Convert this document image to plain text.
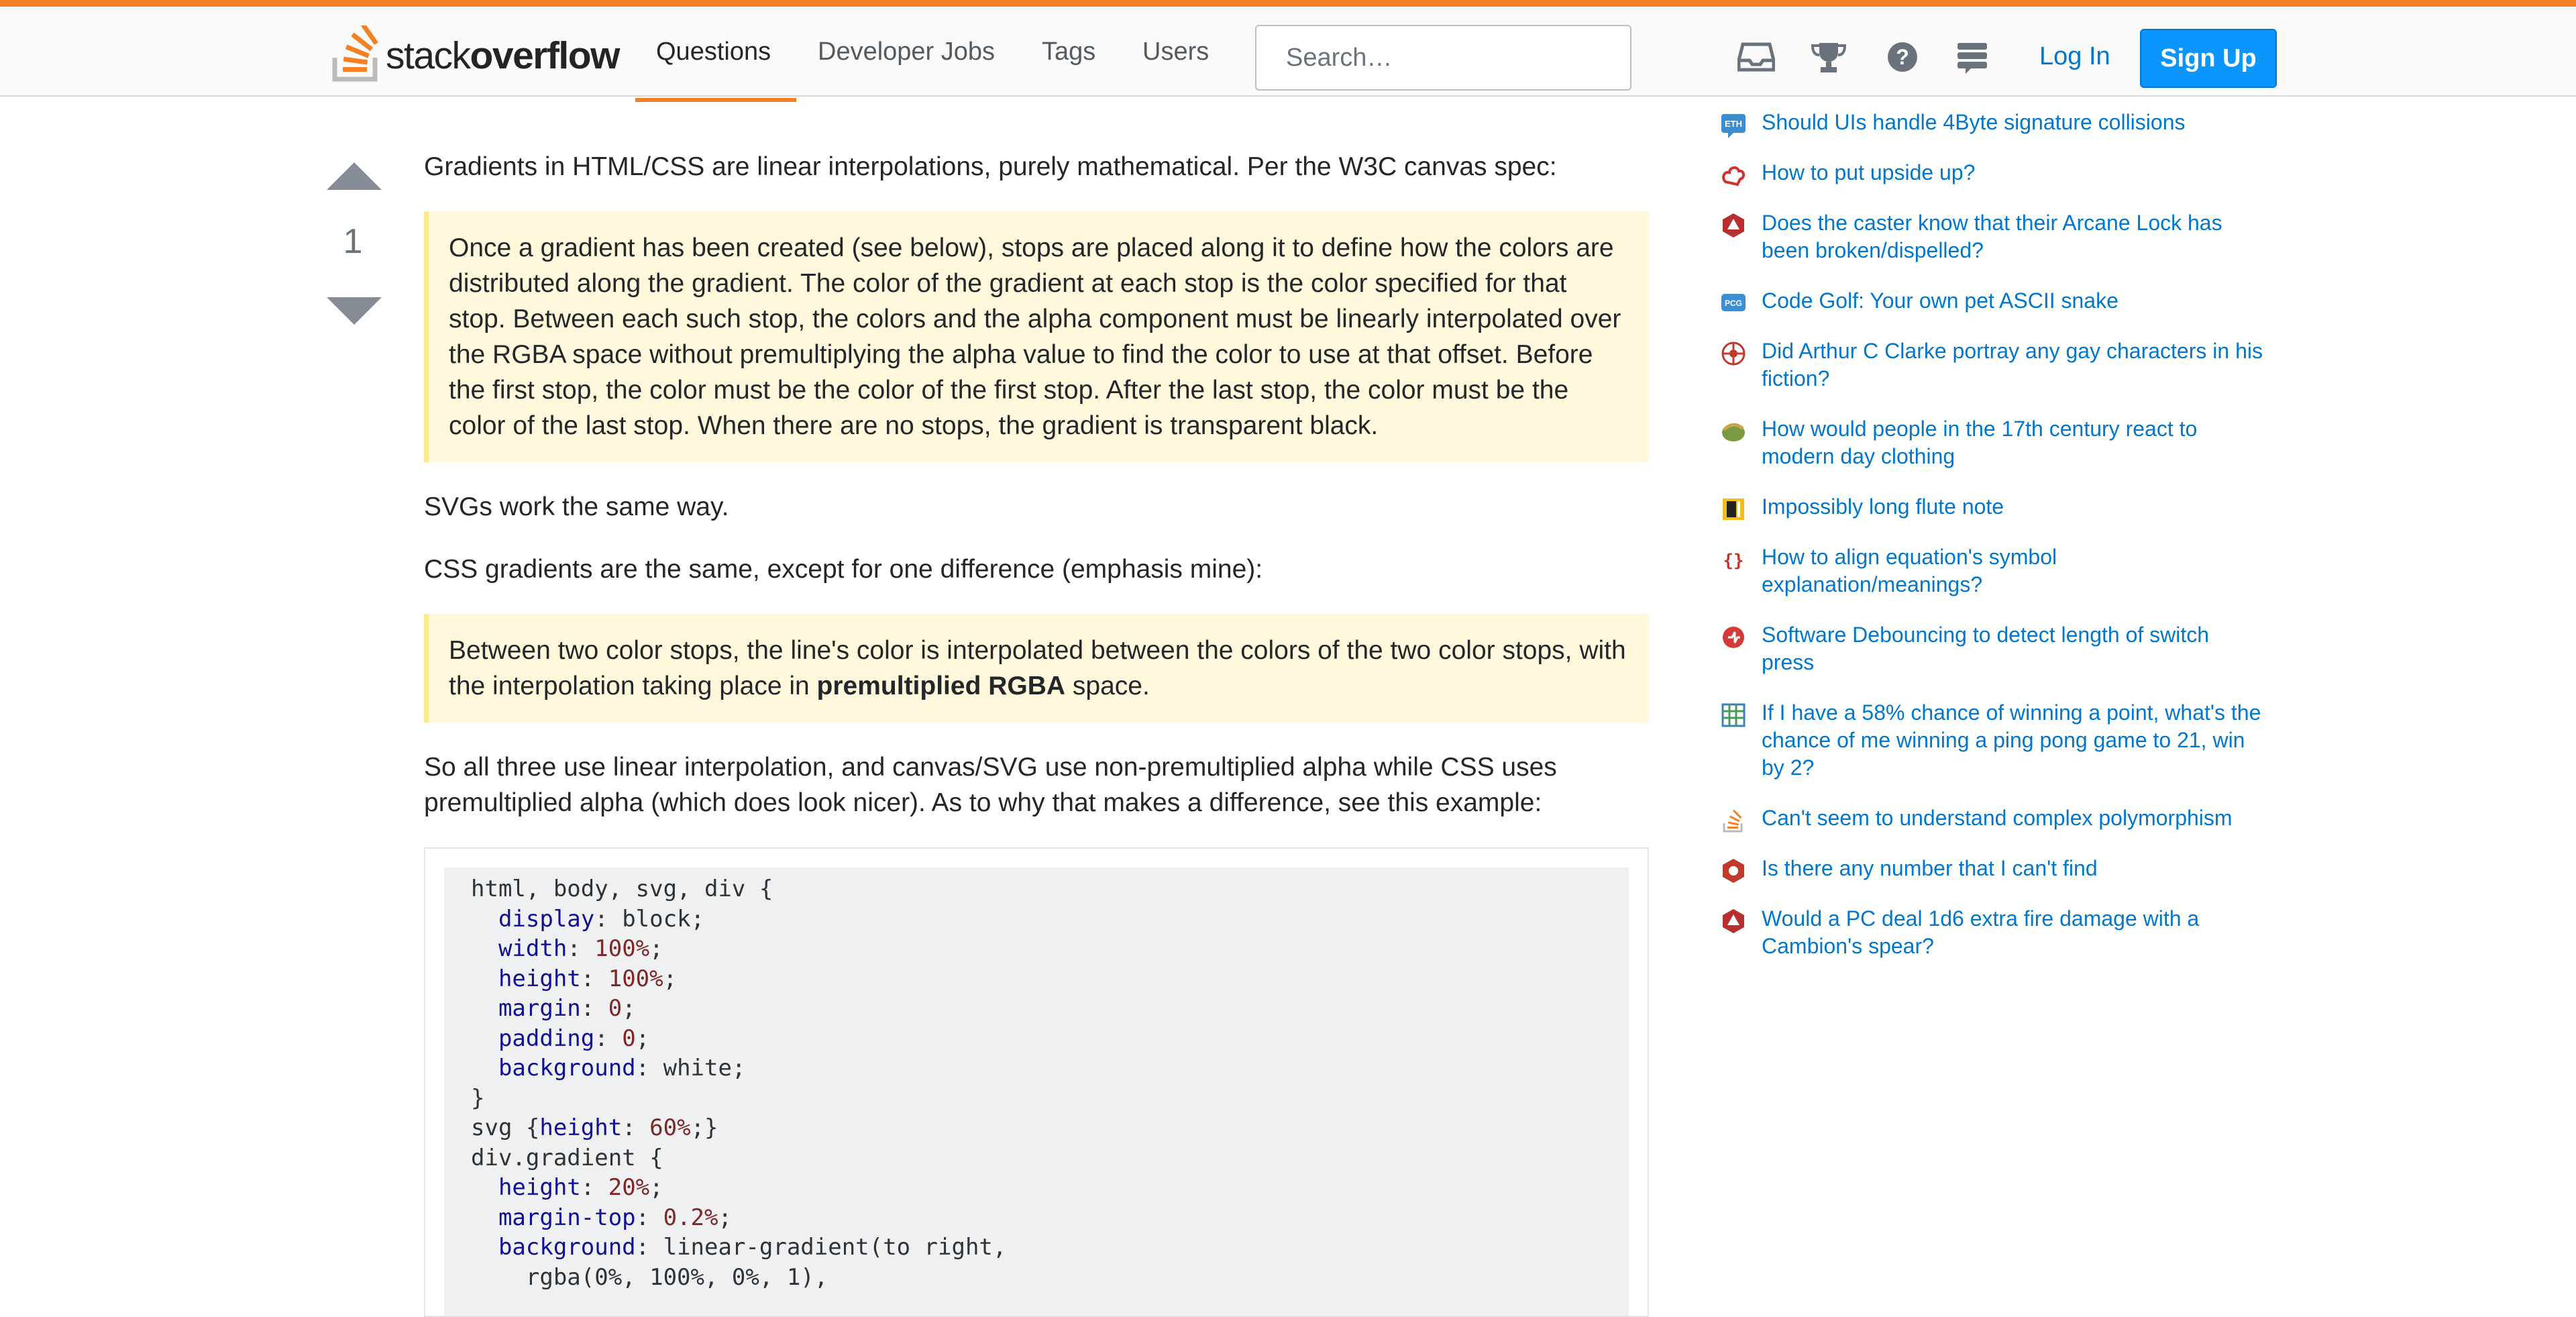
stackoverflow Questions Developer Jobs Tags Users
Search…	?	Log In	Sign Up
1

Gradients in HTML/CSS are linear interpolations, purely mathematical. Per the W3C canvas spec:

Once a gradient has been created (see below), stops are placed along it to define how the colors are distributed along the gradient. The color of the gradient at each stop is the color specified for that stop. Between each such stop, the colors and the alpha component must be linearly interpolated over the RGBA space without premultiplying the alpha value to find the color to use at that offset. Before the first stop, the color must be the color of the first stop. After the last stop, the color must be the color of the last stop. When there are no stops, the gradient is transparent black.

SVGs work the same way.

CSS gradients are the same, except for one difference (emphasis mine):

Between two color stops, the line's color is interpolated between the colors of the two color stops, with the interpolation taking place in premultiplied RGBA space.

So all three use linear interpolation, and canvas/SVG use non-premultiplied alpha while CSS uses premultiplied alpha (which does look nicer). As to why that makes a difference, see this example:

html, body, svg, div {
display: block;
width: 100%;
height: 100%;
margin: 0;
padding: 0;
background: white;
}
svg {height: 60%;}
div.gradient {
height: 20%;
margin-top: 0.2%;
background: linear-gradient(to right,
rgba(0%, 100%, 0%, 1),
ETH Should UIs handle 4Byte signature collisions
How to put upside up?
Does the caster know that their Arcane Lock has been broken/dispelled?
PCG Code Golf: Your own pet ASCII snake
Did Arthur C Clarke portray any gay characters in his fiction?
How would people in the 17th century react to modern day clothing
Impossibly long flute note
{} How to align equation's symbol explanation/meanings?
Software Debouncing to detect length of switch press
If I have a 58% chance of winning a point, what's the chance of me winning a ping pong game to 21, win by 2?
Can't seem to understand complex polymorphism
Is there any number that I can't find
Would a PC deal 1d6 extra fire damage with a Cambion's spear?
